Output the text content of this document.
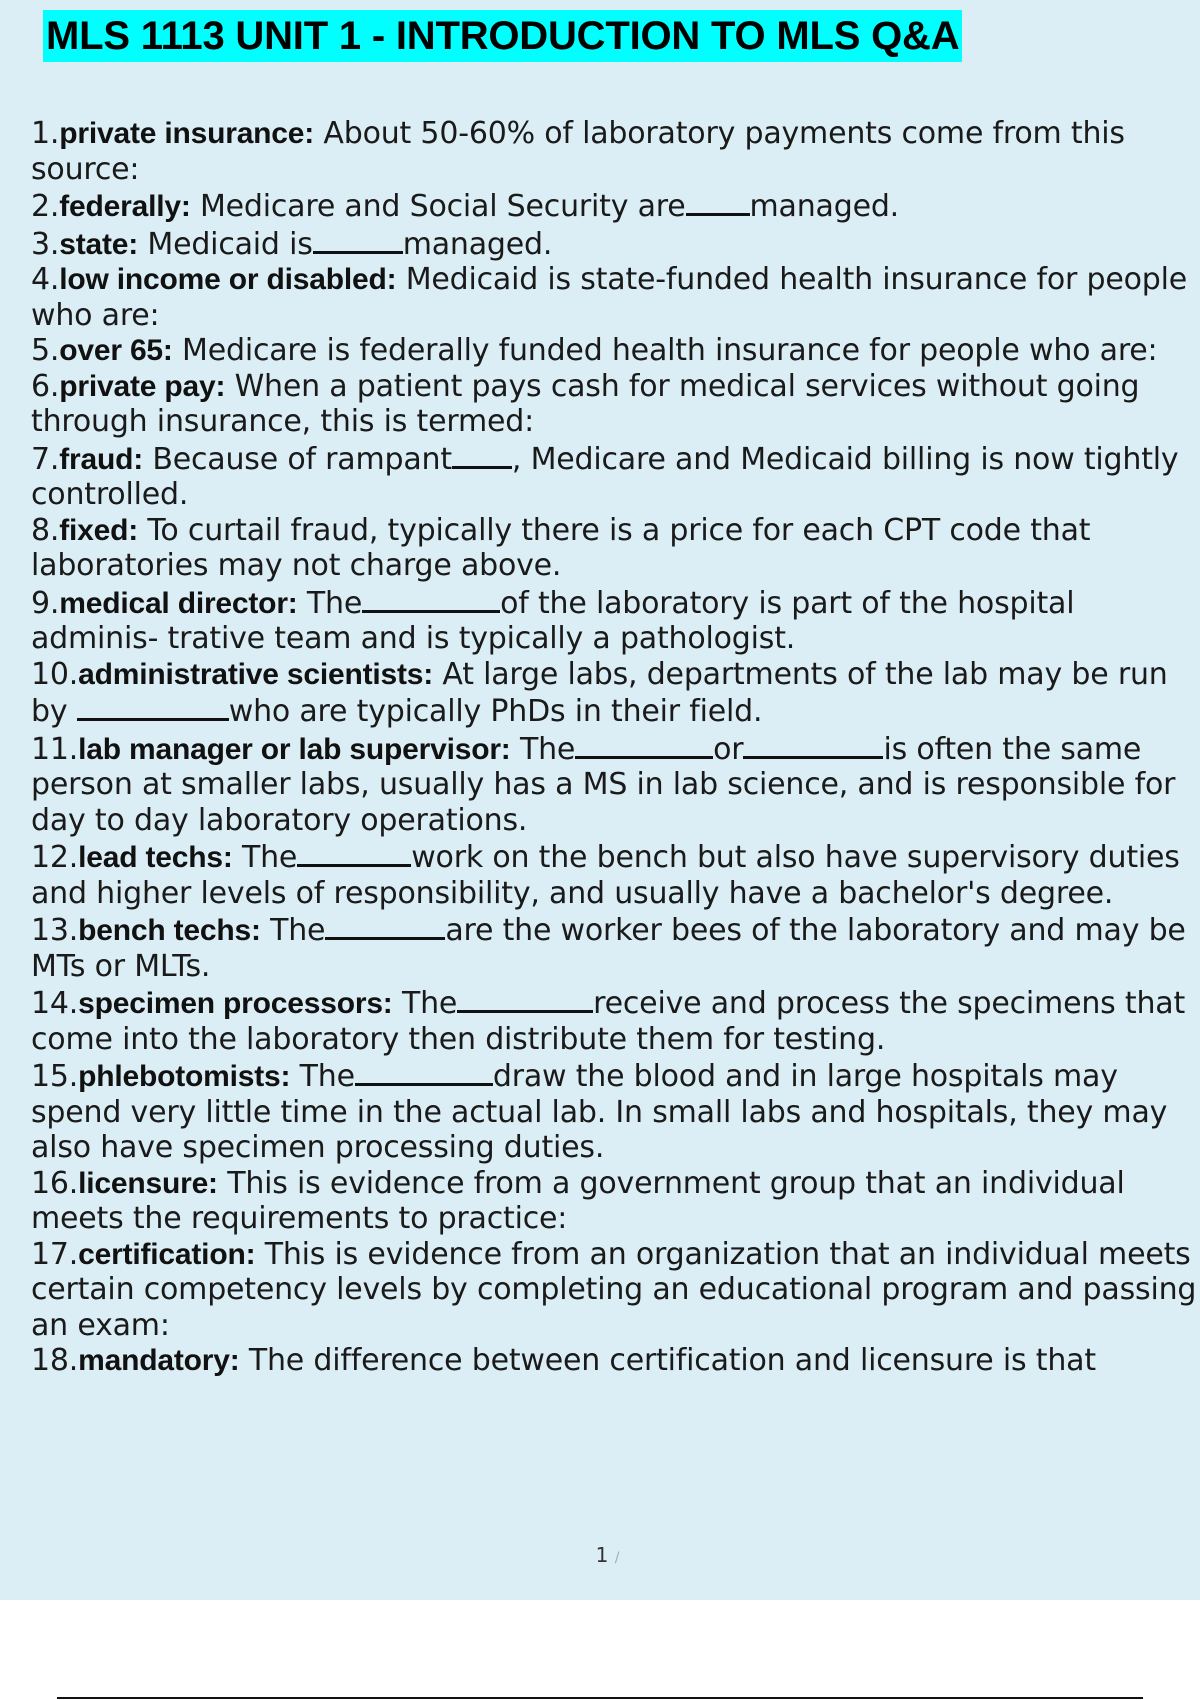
MLS 1113 UNIT 1 - INTRODUCTION TO MLS Q&A

1.private insurance: About 50-60% of laboratory payments come from this source:

2.federally: Medicare and Social Security are managed.

3.state: Medicaid is	managed.

4.low income or disabled: Medicaid is state-funded health insurance for people who are:

5.over 65: Medicare is federally funded health insurance for people who are:

6.private pay: When a patient pays cash for medical services without going through insurance, this is termed:

7.fraud: Because of rampant , Medicare and Medicaid billing is now tightly controlled.

8.fixed: To curtail fraud, typically there is a price for each CPT code that laboratories may not charge above.

9.medical director: The	of the laboratory is part of the hospital adminis- trative team and is typically a pathologist.

10.administrative scientists: At large labs, departments of the lab may be run by	who are typically PhDs in their field.

11.lab manager or lab supervisor: The	or	is often the same person at smaller labs, usually has a MS in lab science, and is responsible for day to day laboratory operations.

12.lead techs: The	work on the bench but also have supervisory duties and higher levels of responsibility, and usually have a bachelor's degree.

13.bench techs: The	are the worker bees of the laboratory and may be MTs or MLTs.

14.specimen processors: The	receive and process the specimens that come into the laboratory then distribute them for testing.

15.phlebotomists: The	draw the blood and in large hospitals may spend very little time in the actual lab. In small labs and hospitals, they may also have specimen processing duties.

16.licensure: This is evidence from a government group that an individual meets the requirements to practice:

17.certification: This is evidence from an organization that an individual meets certain competency levels by completing an educational program and passing an exam:

18.mandatory: The difference between certification and licensure is that

1 /
